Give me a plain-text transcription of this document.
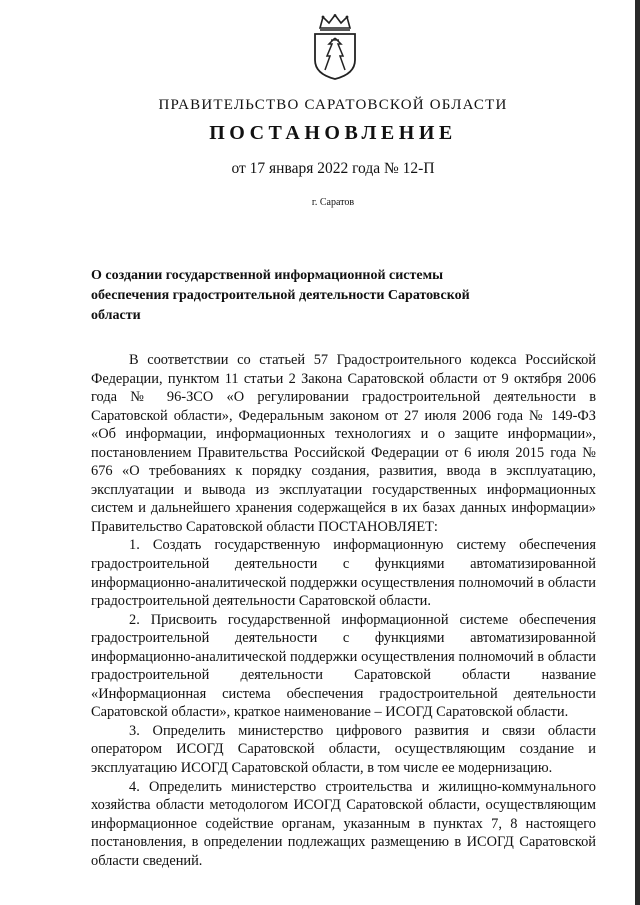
ПРАВИТЕЛЬСТВО САРАТОВСКОЙ ОБЛАСТИ
ПОСТАНОВЛЕНИЕ
от 17 января 2022 года № 12-П
г. Саратов
О создании государственной информационной системы обеспечения градостроительной деятельности Саратовской области

В соответствии со статьей 57 Градостроительного кодекса Российской Федерации, пунктом 11 статьи 2 Закона Саратовской области от 9 октября 2006 года № 96-ЗСО «О регулировании градостроительной деятельности в Саратовской области», Федеральным законом от 27 июля 2006 года № 149-ФЗ «Об информации, информационных технологиях и о защите информации», постановлением Правительства Российской Федерации от 6 июля 2015 года № 676 «О требованиях к порядку создания, развития, ввода в эксплуатацию, эксплуатации и вывода из эксплуатации государственных информационных систем и дальнейшего хранения содержащейся в их базах данных информации» Правительство Саратовской области ПОСТАНОВЛЯЕТ:

1. Создать государственную информационную систему обеспечения градостроительной деятельности с функциями автоматизированной информационно-аналитической поддержки осуществления полномочий в области градостроительной деятельности Саратовской области.

2. Присвоить государственной информационной системе обеспечения градостроительной деятельности с функциями автоматизированной информационно-аналитической поддержки осуществления полномочий в области градостроительной деятельности Саратовской области название «Информационная система обеспечения градостроительной деятельности Саратовской области», краткое наименование – ИСОГД Саратовской области.

3. Определить министерство цифрового развития и связи области оператором ИСОГД Саратовской области, осуществляющим создание и эксплуатацию ИСОГД Саратовской области, в том числе ее модернизацию.

4. Определить министерство строительства и жилищно-коммунального хозяйства области методологом ИСОГД Саратовской области, осуществляющим информационное содействие органам, указанным в пунктах 7, 8 настоящего постановления, в определении подлежащих размещению в ИСОГД Саратовской области сведений.
